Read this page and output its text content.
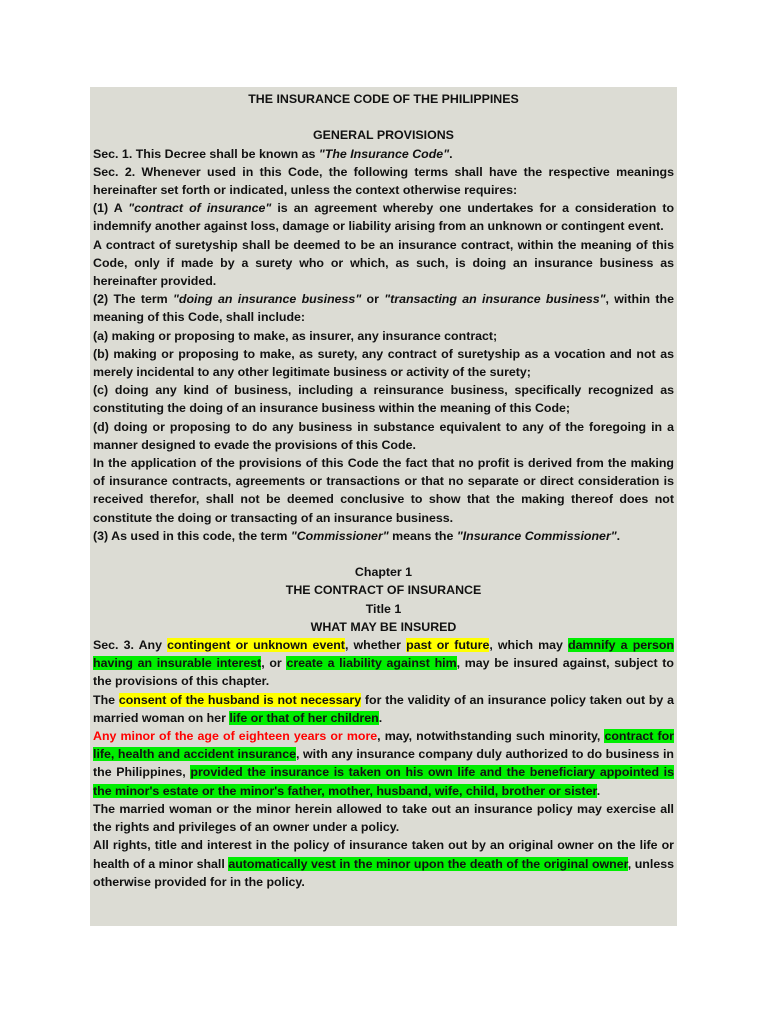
THE INSURANCE CODE OF THE PHILIPPINES

GENERAL PROVISIONS

Sec. 1. This Decree shall be known as "The Insurance Code".

Sec. 2. Whenever used in this Code, the following terms shall have the respective meanings hereinafter set forth or indicated, unless the context otherwise requires:

(1) A "contract of insurance" is an agreement whereby one undertakes for a consideration to indemnify another against loss, damage or liability arising from an unknown or contingent event.

A contract of suretyship shall be deemed to be an insurance contract, within the meaning of this Code, only if made by a surety who or which, as such, is doing an insurance business as hereinafter provided.

(2) The term "doing an insurance business" or "transacting an insurance business", within the meaning of this Code, shall include:

(a) making or proposing to make, as insurer, any insurance contract;

(b) making or proposing to make, as surety, any contract of suretyship as a vocation and not as merely incidental to any other legitimate business or activity of the surety;

(c) doing any kind of business, including a reinsurance business, specifically recognized as constituting the doing of an insurance business within the meaning of this Code;

(d) doing or proposing to do any business in substance equivalent to any of the foregoing in a manner designed to evade the provisions of this Code.

In the application of the provisions of this Code the fact that no profit is derived from the making of insurance contracts, agreements or transactions or that no separate or direct consideration is received therefor, shall not be deemed conclusive to show that the making thereof does not constitute the doing or transacting of an insurance business.

(3) As used in this code, the term "Commissioner" means the "Insurance Commissioner".

Chapter 1

THE CONTRACT OF INSURANCE

Title 1

WHAT MAY BE INSURED

Sec. 3. Any contingent or unknown event, whether past or future, which may damnify a person having an insurable interest, or create a liability against him, may be insured against, subject to the provisions of this chapter.

The consent of the husband is not necessary for the validity of an insurance policy taken out by a married woman on her life or that of her children.

Any minor of the age of eighteen years or more, may, notwithstanding such minority, contract for life, health and accident insurance, with any insurance company duly authorized to do business in the Philippines, provided the insurance is taken on his own life and the beneficiary appointed is the minor's estate or the minor's father, mother, husband, wife, child, brother or sister.

The married woman or the minor herein allowed to take out an insurance policy may exercise all the rights and privileges of an owner under a policy.

All rights, title and interest in the policy of insurance taken out by an original owner on the life or health of a minor shall automatically vest in the minor upon the death of the original owner, unless otherwise provided for in the policy.
